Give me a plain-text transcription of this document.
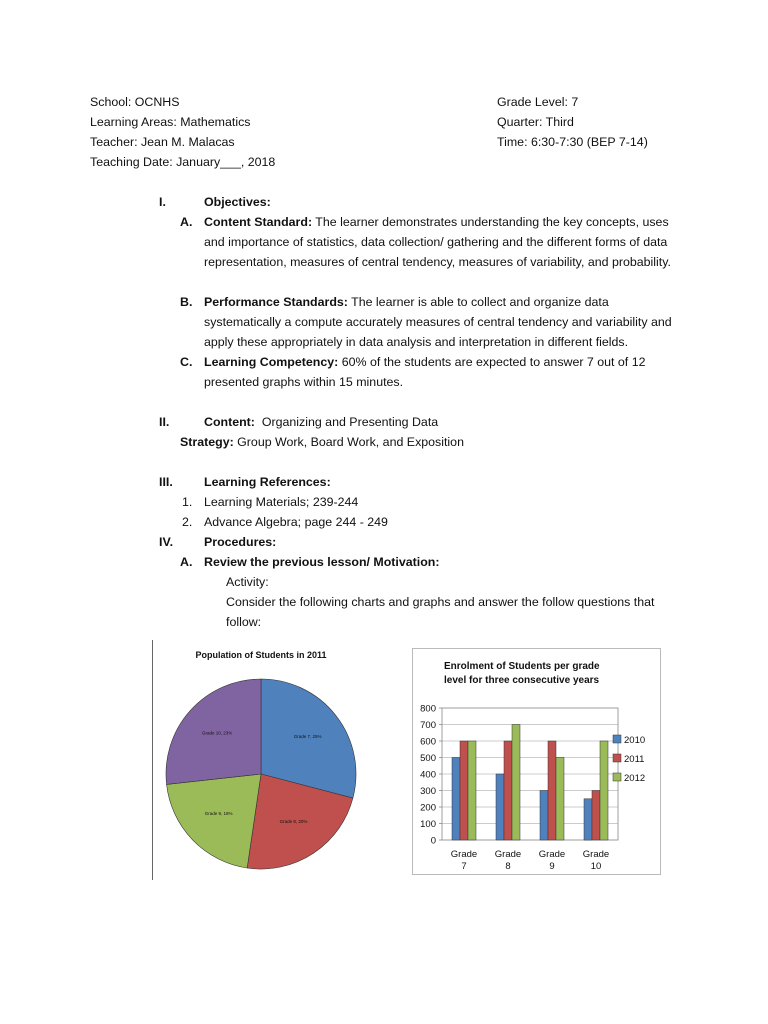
School: OCNHS
Learning Areas: Mathematics
Teacher: Jean M. Malacas
Teaching Date: January___, 2018
Grade Level: 7
Quarter: Third
Time: 6:30-7:30 (BEP 7-14)
I.	Objectives:
A. Content Standard: The learner demonstrates understanding the key concepts, uses and importance of statistics, data collection/ gathering and the different forms of data representation, measures of central tendency, measures of variability, and probability.
B. Performance Standards: The learner is able to collect and organize data systematically a compute accurately measures of central tendency and variability and apply these appropriately in data analysis and interpretation in different fields.
C. Learning Competency: 60% of the students are expected to answer 7 out of 12 presented graphs within 15 minutes.
II.	Content:  Organizing and Presenting Data
Strategy: Group Work, Board Work, and Exposition
III.	Learning References:
1. Learning Materials; 239-244
2. Advance Algebra; page 244 - 249
IV. Procedures:
A. Review the previous lesson/ Motivation:
Activity:
Consider the following charts and graphs and answer the follow questions that follow:
Population of Students in 2011
Grade 7, 25%
Grade 8, 20%
Grade 9, 18%
Grade 10, 23%
Enrolment of Students per grade
level for three consecutive years
800
700
600
500
400
300
200
100
0
Grade
7
Grade
8
Grade
9
Grade
10
2010
2011
2012
